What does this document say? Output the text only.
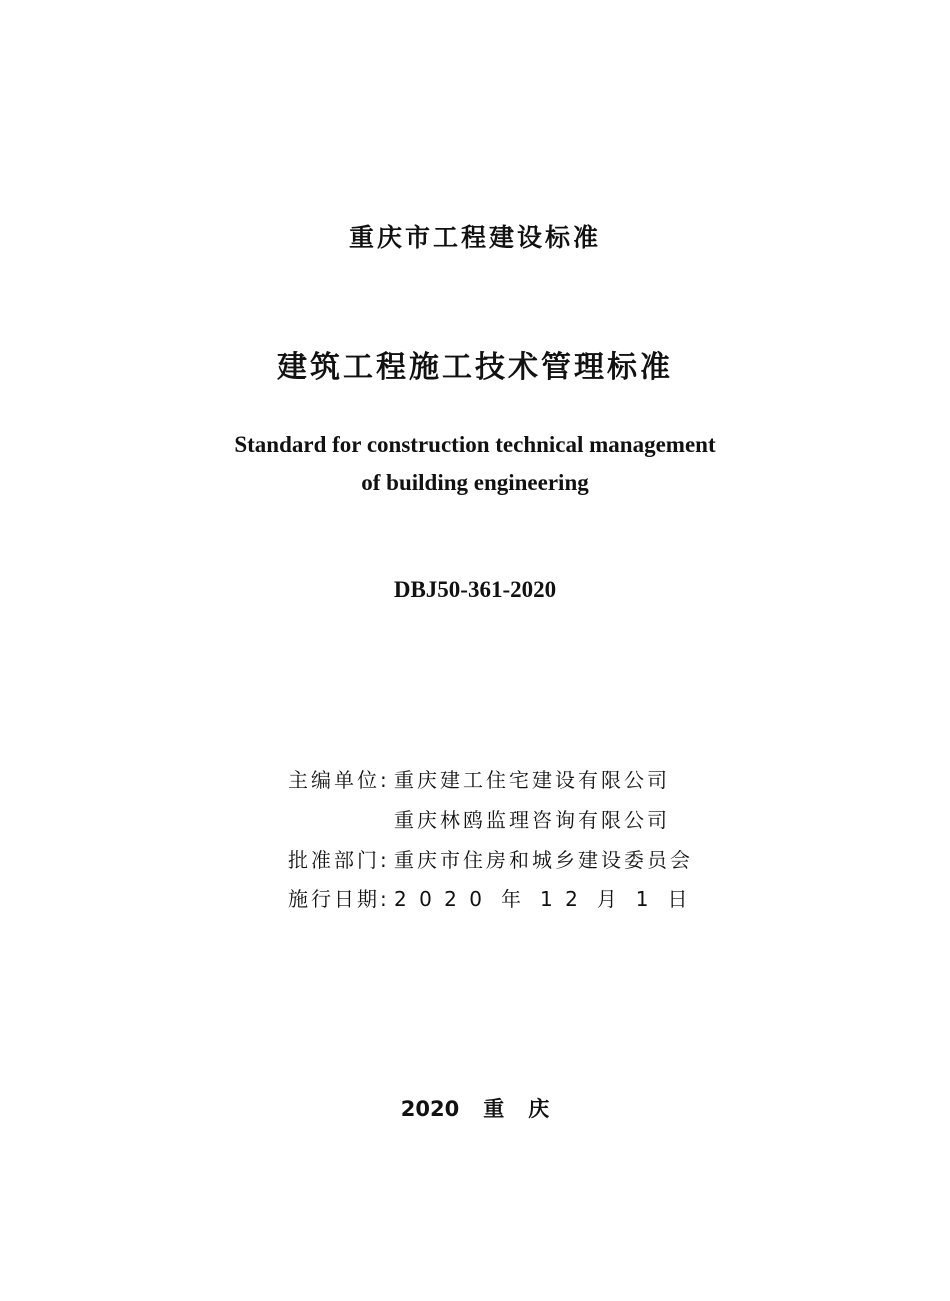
重庆市工程建设标准
建筑工程施工技术管理标准
Standard for construction technical management
of building engineering
DBJ50-361-2020
主编单位: 重庆建工住宅建设有限公司
重庆林鸥监理咨询有限公司
批准部门: 重庆市住房和城乡建设委员会
施行日期: 2 0 2 0 年 1 2 月 1 日
2020 重 庆
